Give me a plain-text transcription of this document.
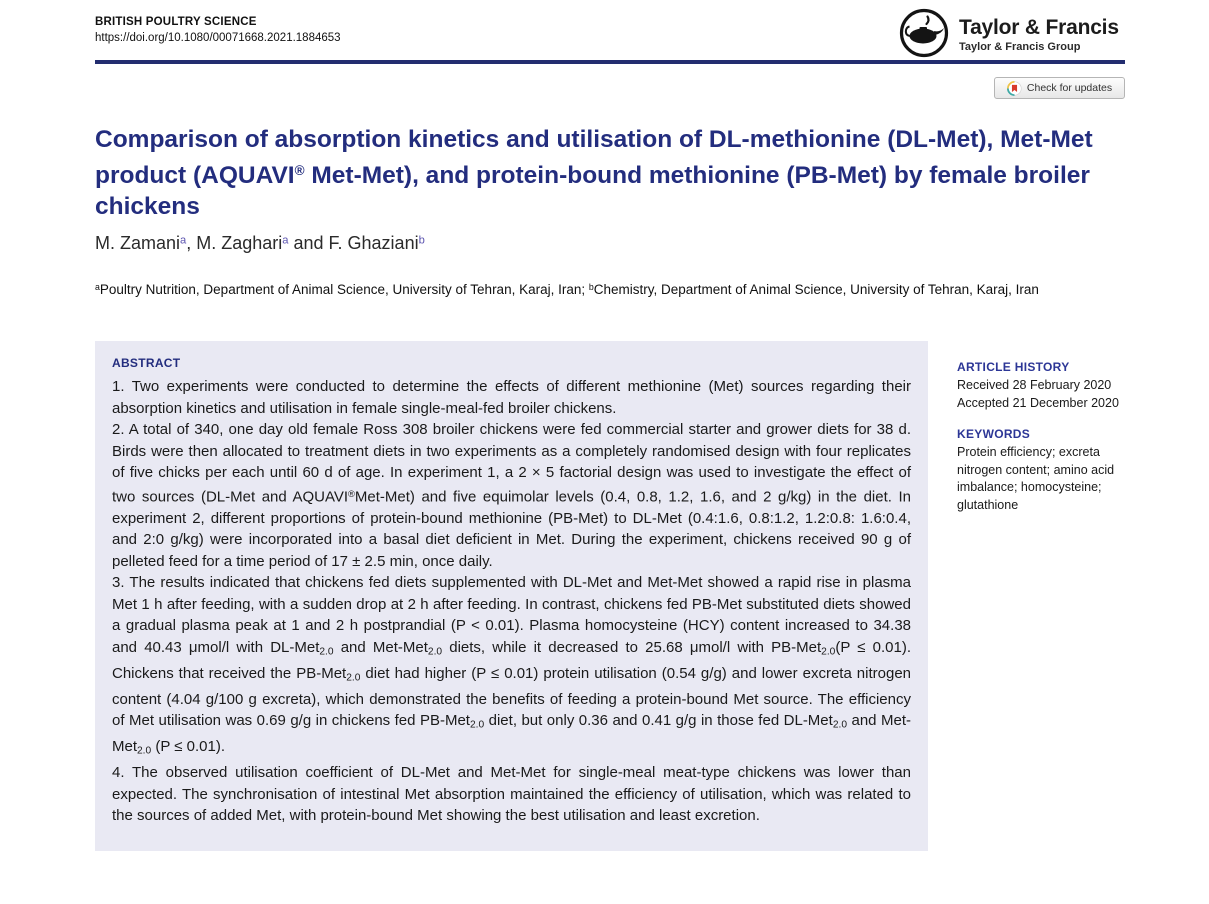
BRITISH POULTRY SCIENCE
https://doi.org/10.1080/00071668.2021.1884653	Taylor & Francis
Taylor & Francis Group
Check for updates
Comparison of absorption kinetics and utilisation of DL-methionine (DL-Met), Met-Met product (AQUAVI® Met-Met), and protein-bound methionine (PB-Met) by female broiler chickens
M. Zamani$^a$, M. Zaghari$^a$ and F. Ghaziani$^b$
$^a$Poultry Nutrition, Department of Animal Science, University of Tehran, Karaj, Iran; $^b$Chemistry, Department of Animal Science, University of Tehran, Karaj, Iran
ABSTRACT

1. Two experiments were conducted to determine the effects of different methionine (Met) sources regarding their absorption kinetics and utilisation in female single-meal-fed broiler chickens.

2. A total of 340, one day old female Ross 308 broiler chickens were fed commercial starter and grower diets for 38 d. Birds were then allocated to treatment diets in two experiments as a completely randomised design with four replicates of five chicks per each until 60 d of age. In experiment 1, a 2 × 5 factorial design was used to investigate the effect of two sources (DL-Met and AQUAVI®Met-Met) and five equimolar levels (0.4, 0.8, 1.2, 1.6, and 2 g/kg) in the diet. In experiment 2, different proportions of protein-bound methionine (PB-Met) to DL-Met (0.4:1.6, 0.8:1.2, 1.2:0.8: 1.6:0.4, and 2:0 g/kg) were incorporated into a basal diet deficient in Met. During the experiment, chickens received 90 g of pelleted feed for a time period of 17 ± 2.5 min, once daily.

3. The results indicated that chickens fed diets supplemented with DL-Met and Met-Met showed a rapid rise in plasma Met 1 h after feeding, with a sudden drop at 2 h after feeding. In contrast, chickens fed PB-Met substituted diets showed a gradual plasma peak at 1 and 2 h postprandial (P < 0.01). Plasma homocysteine (HCY) content increased to 34.38 and 40.43 μmol/l with DL-Met$_{2.0}$ and Met-Met$_{2.0}$ diets, while it decreased to 25.68 μmol/l with PB-Met$_{2.0}$(P ≤ 0.01). Chickens that received the PB-Met$_{2.0}$ diet had higher (P ≤ 0.01) protein utilisation (0.54 g/g) and lower excreta nitrogen content (4.04 g/100 g excreta), which demonstrated the benefits of feeding a protein-bound Met source. The efficiency of Met utilisation was 0.69 g/g in chickens fed PB-Met$_{2.0}$ diet, but only 0.36 and 0.41 g/g in those fed DL-Met$_{2.0}$ and Met-Met$_{2.0}$ (P ≤ 0.01).

4. The observed utilisation coefficient of DL-Met and Met-Met for single-meal meat-type chickens was lower than expected. The synchronisation of intestinal Met absorption maintained the efficiency of utilisation, which was related to the sources of added Met, with protein-bound Met showing the best utilisation and least excretion.

ARTICLE HISTORY
Received 28 February 2020
Accepted 21 December 2020
KEYWORDS
Protein efficiency; excreta nitrogen content; amino acid imbalance; homocysteine; glutathione
